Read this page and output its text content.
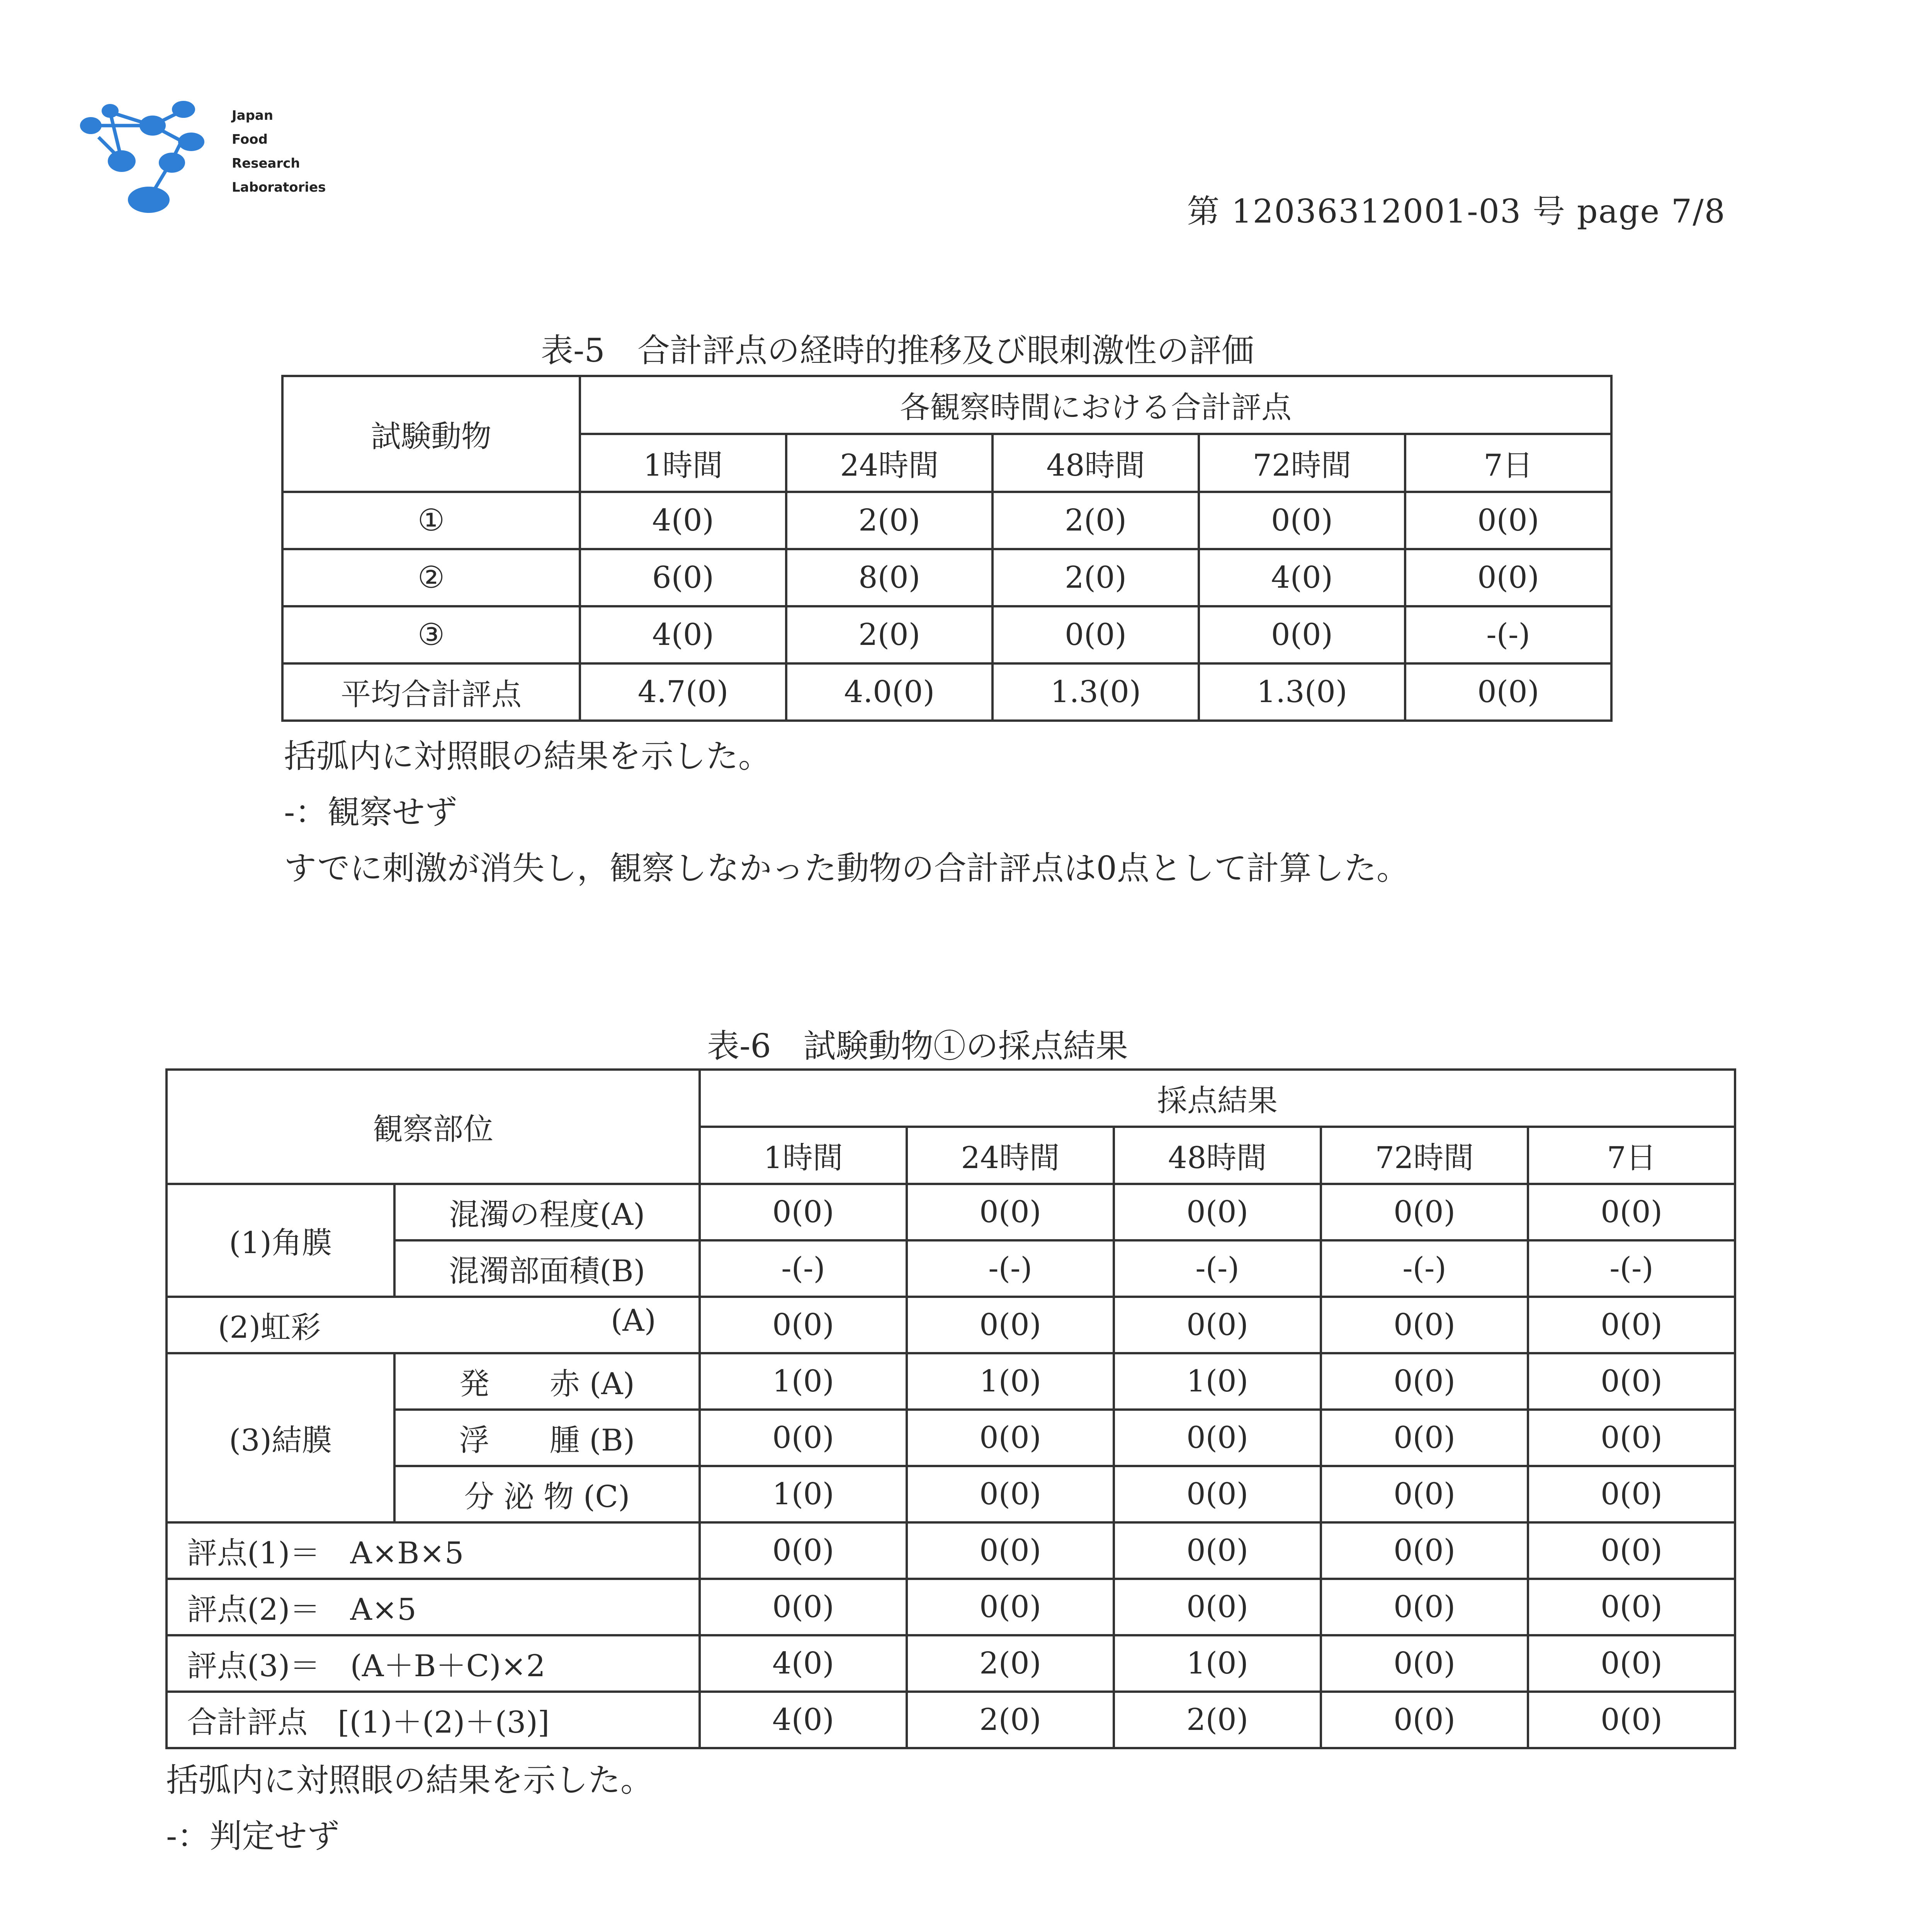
Japan
Food
Research
Laboratories
第 12036312001-03 号 page 7/8
表-5　合計評点の経時的推移及び眼刺激性の評価
試験動物	各観察時間における合計評点				
	1時間	24時間	48時間	72時間	7日
①	4(0)	2(0)	2(0)	0(0)	0(0)
②	6(0)	8(0)	2(0)	4(0)	0(0)
③	4(0)	2(0)	0(0)	0(0)	-(-)
平均合計評点	4.7(0)	4.0(0)	1.3(0)	1.3(0)	0(0)
括弧内に対照眼の結果を示した。
-：観察せず
すでに刺激が消失し，観察しなかった動物の合計評点は0点として計算した。
表-6　試験動物①の採点結果
観察部位		採点結果				
		1時間	24時間	48時間	72時間	7日
(1)角膜	混濁の程度(A)	0(0)	0(0)	0(0)	0(0)	0(0)
	混濁部面積(B)	-(-)	-(-)	-(-)	-(-)	-(-)
(2)虹彩 (A)		0(0)	0(0)	0(0)	0(0)	0(0)
(3)結膜	発　　赤 (A)	1(0)	1(0)	1(0)	0(0)	0(0)
	浮　　腫 (B)	0(0)	0(0)	0(0)	0(0)	0(0)
	分 泌 物 (C)	1(0)	0(0)	0(0)	0(0)	0(0)
評点(1)＝　A×B×5		0(0)	0(0)	0(0)	0(0)	0(0)
評点(2)＝　A×5		0(0)	0(0)	0(0)	0(0)	0(0)
評点(3)＝　(A＋B＋C)×2		4(0)	2(0)	1(0)	0(0)	0(0)
合計評点　[(1)＋(2)＋(3)]		4(0)	2(0)	2(0)	0(0)	0(0)
括弧内に対照眼の結果を示した。
-：判定せず
